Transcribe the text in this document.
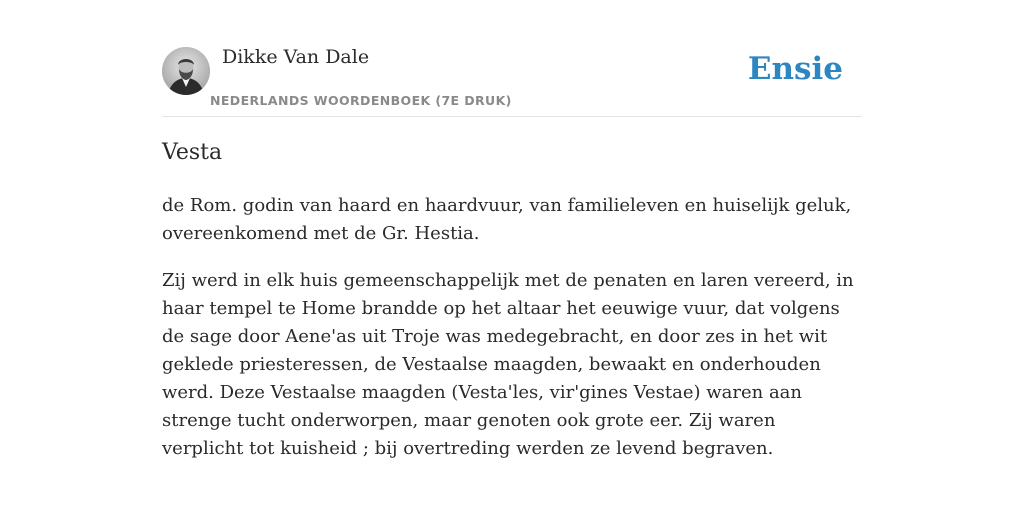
Dikke Van Dale
NEDERLANDS WOORDENBOEK (7E DRUK)
Ensie
Vesta

de Rom. godin van haard en haardvuur, van familieleven en huiselijk geluk, overeenkomend met de Gr. Hestia.

Zij werd in elk huis gemeenschappelijk met de penaten en laren vereerd, in haar tempel te Home brandde op het altaar het eeuwige vuur, dat volgens de sage door Aene'as uit Troje was medegebracht, en door zes in het wit geklede priesteressen, de Vestaalse maagden, bewaakt en onderhouden werd. Deze Vestaalse maagden (Vesta'les, vir'gines Vestae) waren aan strenge tucht onderworpen, maar genoten ook grote eer. Zij waren verplicht tot kuisheid ; bij overtreding werden ze levend begraven.
